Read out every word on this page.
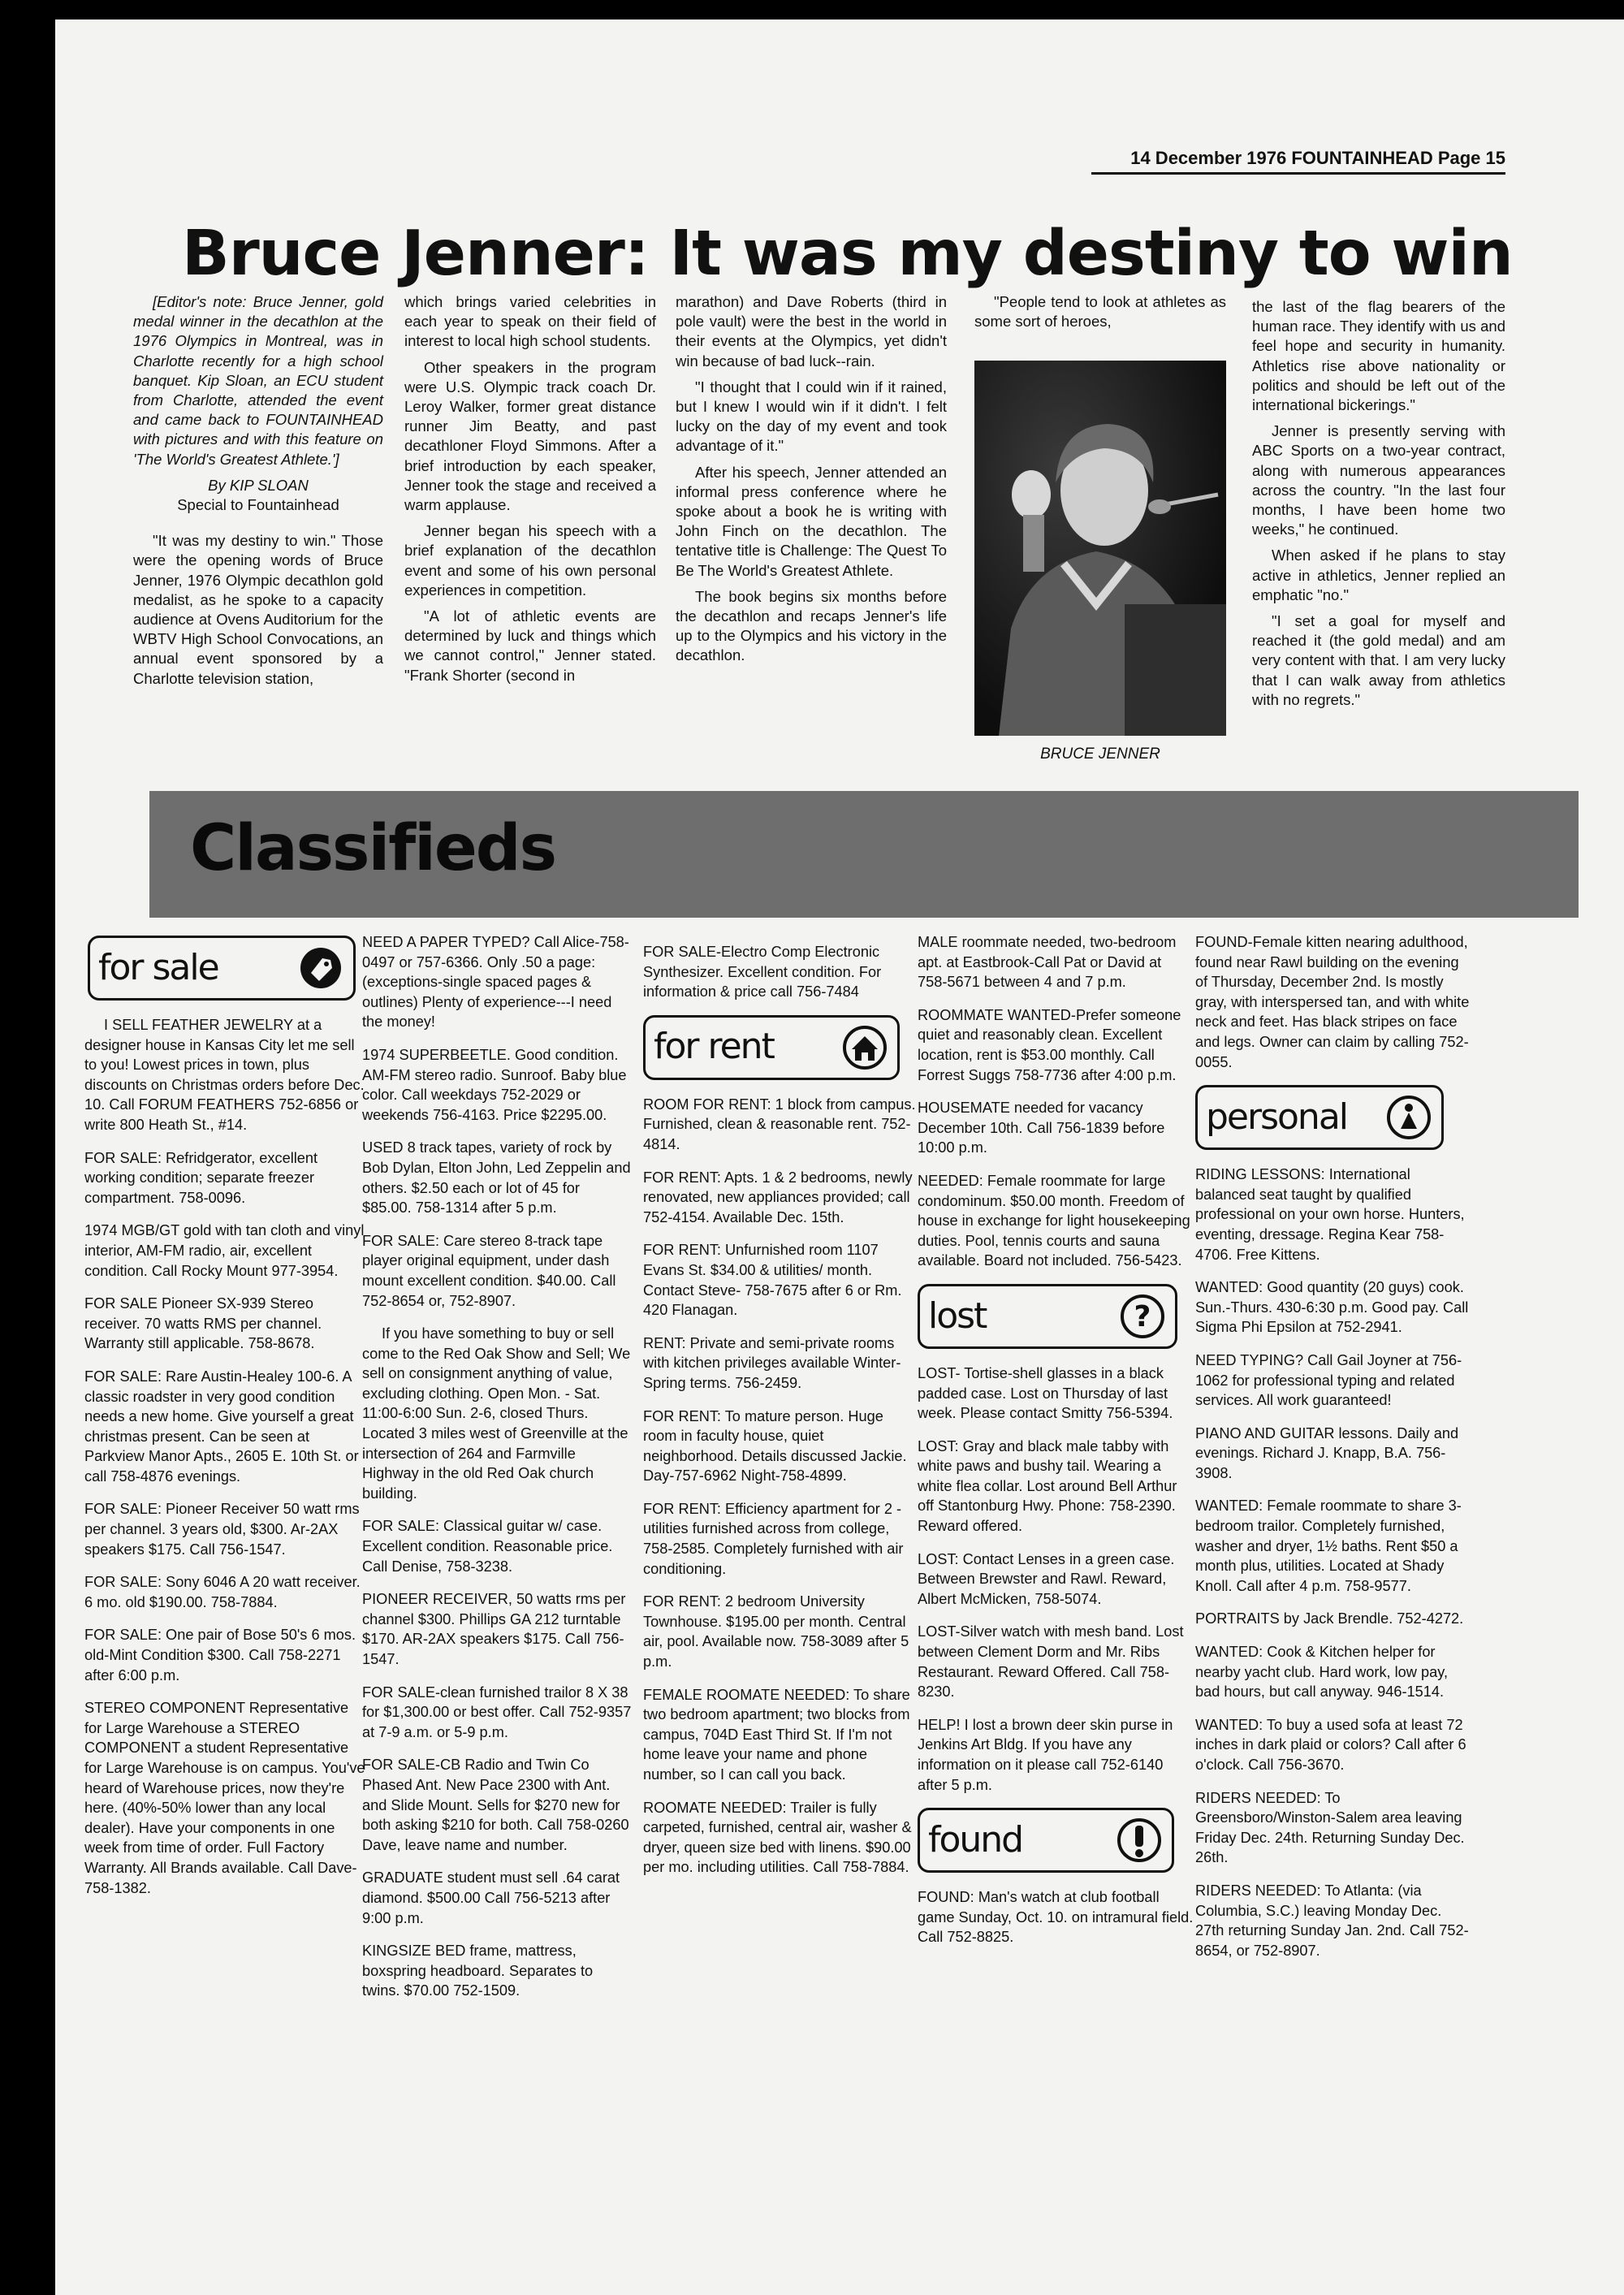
14 December 1976 FOUNTAINHEAD Page 15
Bruce Jenner: It was my destiny to win

[Editor's note: Bruce Jenner, gold medal winner in the decathlon at the 1976 Olympics in Montreal, was in Charlotte recently for a high school banquet. Kip Sloan, an ECU student from Charlotte, attended the event and came back to FOUNTAINHEAD with pictures and with this feature on 'The World's Greatest Athlete.']

By KIP SLOAN

Special to Fountainhead

"It was my destiny to win." Those were the opening words of Bruce Jenner, 1976 Olympic decathlon gold medalist, as he spoke to a capacity audience at Ovens Auditorium for the WBTV High School Convocations, an annual event sponsored by a Charlotte television station,

which brings varied celebrities in each year to speak on their field of interest to local high school students.

Other speakers in the program were U.S. Olympic track coach Dr. Leroy Walker, former great distance runner Jim Beatty, and past decathloner Floyd Simmons. After a brief introduction by each speaker, Jenner took the stage and received a warm applause.

Jenner began his speech with a brief explanation of the decathlon event and some of his own personal experiences in competition.

"A lot of athletic events are determined by luck and things which we cannot control," Jenner stated. "Frank Shorter (second in

marathon) and Dave Roberts (third in pole vault) were the best in the world in their events at the Olympics, yet didn't win because of bad luck--rain.

"I thought that I could win if it rained, but I knew I would win if it didn't. I felt lucky on the day of my event and took advantage of it."

After his speech, Jenner attended an informal press conference where he spoke about a book he is writing with John Finch on the decathlon. The tentative title is Challenge: The Quest To Be The World's Greatest Athlete.

The book begins six months before the decathlon and recaps Jenner's life up to the Olympics and his victory in the decathlon.

"People tend to look at athletes as some sort of heroes,

BRUCE JENNER

the last of the flag bearers of the human race. They identify with us and feel hope and security in humanity. Athletics rise above nationality or politics and should be left out of the international bickerings."

Jenner is presently serving with ABC Sports on a two-year contract, along with numerous appearances across the country. "In the last four months, I have been home two weeks," he continued.

When asked if he plans to stay active in athletics, Jenner replied an emphatic "no."

"I set a goal for myself and reached it (the gold medal) and am very content with that. I am very lucky that I can walk away from athletics with no regrets."

Classifieds
for sale
I SELL FEATHER JEWELRY at a designer house in Kansas City let me sell to you! Lowest prices in town, plus discounts on Christmas orders before Dec. 10. Call FORUM FEATHERS 752-6856 or write 800 Heath St., #14.
FOR SALE: Refridgerator, excellent working condition; separate freezer compartment. 758-0096.
1974 MGB/GT gold with tan cloth and vinyl interior, AM-FM radio, air, excellent condition. Call Rocky Mount 977-3954.
FOR SALE Pioneer SX-939 Stereo receiver. 70 watts RMS per channel. Warranty still applicable. 758-8678.
FOR SALE: Rare Austin-Healey 100-6. A classic roadster in very good condition needs a new home. Give yourself a great christmas present. Can be seen at Parkview Manor Apts., 2605 E. 10th St. or call 758-4876 evenings.
FOR SALE: Pioneer Receiver 50 watt rms per channel. 3 years old, $300. Ar-2AX speakers $175. Call 756-1547.
FOR SALE: Sony 6046 A 20 watt receiver. 6 mo. old $190.00. 758-7884.
FOR SALE: One pair of Bose 50's 6 mos. old-Mint Condition $300. Call 758-2271 after 6:00 p.m.
STEREO COMPONENT Representative for Large Warehouse a STEREO COMPONENT a student Representative for Large Warehouse is on campus. You've heard of Warehouse prices, now they're here. (40%-50% lower than any local dealer). Have your components in one week from time of order. Full Factory Warranty. All Brands available. Call Dave- 758-1382.
NEED A PAPER TYPED? Call Alice-758-0497 or 757-6366. Only .50 a page: (exceptions-single spaced pages & outlines) Plenty of experience---I need the money!
1974 SUPERBEETLE. Good condition. AM-FM stereo radio. Sunroof. Baby blue color. Call weekdays 752-2029 or weekends 756-4163. Price $2295.00.
USED 8 track tapes, variety of rock by Bob Dylan, Elton John, Led Zeppelin and others. $2.50 each or lot of 45 for $85.00. 758-1314 after 5 p.m.
FOR SALE: Care stereo 8-track tape player original equipment, under dash mount excellent condition. $40.00. Call 752-8654 or, 752-8907.
If you have something to buy or sell come to the Red Oak Show and Sell; We sell on consignment anything of value, excluding clothing. Open Mon. - Sat. 11:00-6:00 Sun. 2-6, closed Thurs. Located 3 miles west of Greenville at the intersection of 264 and Farmville Highway in the old Red Oak church building.
FOR SALE: Classical guitar w/ case. Excellent condition. Reasonable price. Call Denise, 758-3238.
PIONEER RECEIVER, 50 watts rms per channel $300. Phillips GA 212 turntable $170. AR-2AX speakers $175. Call 756-1547.
FOR SALE-clean furnished trailor 8 X 38 for $1,300.00 or best offer. Call 752-9357 at 7-9 a.m. or 5-9 p.m.
FOR SALE-CB Radio and Twin Co Phased Ant. New Pace 2300 with Ant. and Slide Mount. Sells for $270 new for both asking $210 for both. Call 758-0260 Dave, leave name and number.
GRADUATE student must sell .64 carat diamond. $500.00 Call 756-5213 after 9:00 p.m.
KINGSIZE BED frame, mattress, boxspring headboard. Separates to twins. $70.00 752-1509.
FOR SALE-Electro Comp Electronic Synthesizer. Excellent condition. For information & price call 756-7484
for rent
ROOM FOR RENT: 1 block from campus. Furnished, clean & reasonable rent. 752-4814.
FOR RENT: Apts. 1 & 2 bedrooms, newly renovated, new appliances provided; call 752-4154. Available Dec. 15th.
FOR RENT: Unfurnished room 1107 Evans St. $34.00 & utilities/ month. Contact Steve- 758-7675 after 6 or Rm. 420 Flanagan.
RENT: Private and semi-private rooms with kitchen privileges available Winter-Spring terms. 756-2459.
FOR RENT: To mature person. Huge room in faculty house, quiet neighborhood. Details discussed Jackie. Day-757-6962 Night-758-4899.
FOR RENT: Efficiency apartment for 2 - utilities furnished across from college, 758-2585. Completely furnished with air conditioning.
FOR RENT: 2 bedroom University Townhouse. $195.00 per month. Central air, pool. Available now. 758-3089 after 5 p.m.
FEMALE ROOMATE NEEDED: To share two bedroom apartment; two blocks from campus, 704D East Third St. If I'm not home leave your name and phone number, so I can call you back.
ROOMATE NEEDED: Trailer is fully carpeted, furnished, central air, washer & dryer, queen size bed with linens. $90.00 per mo. including utilities. Call 758-7884.
MALE roommate needed, two-bedroom apt. at Eastbrook-Call Pat or David at 758-5671 between 4 and 7 p.m.
ROOMMATE WANTED-Prefer someone quiet and reasonably clean. Excellent location, rent is $53.00 monthly. Call Forrest Suggs 758-7736 after 4:00 p.m.
HOUSEMATE needed for vacancy December 10th. Call 756-1839 before 10:00 p.m.
NEEDED: Female roommate for large condominum. $50.00 month. Freedom of house in exchange for light housekeeping duties. Pool, tennis courts and sauna available. Board not included. 756-5423.
lost	?
LOST- Tortise-shell glasses in a black padded case. Lost on Thursday of last week. Please contact Smitty 756-5394.
LOST: Gray and black male tabby with white paws and bushy tail. Wearing a white flea collar. Lost around Bell Arthur off Stantonburg Hwy. Phone: 758-2390. Reward offered.
LOST: Contact Lenses in a green case. Between Brewster and Rawl. Reward, Albert McMicken, 758-5074.
LOST-Silver watch with mesh band. Lost between Clement Dorm and Mr. Ribs Restaurant. Reward Offered. Call 758-8230.
HELP! I lost a brown deer skin purse in Jenkins Art Bldg. If you have any information on it please call 752-6140 after 5 p.m.
found
FOUND: Man's watch at club football game Sunday, Oct. 10. on intramural field. Call 752-8825.
FOUND-Female kitten nearing adulthood, found near Rawl building on the evening of Thursday, December 2nd. Is mostly gray, with interspersed tan, and with white neck and feet. Has black stripes on face and legs. Owner can claim by calling 752-0055.
personal
RIDING LESSONS: International balanced seat taught by qualified professional on your own horse. Hunters, eventing, dressage. Regina Kear 758-4706. Free Kittens.
WANTED: Good quantity (20 guys) cook. Sun.-Thurs. 430-6:30 p.m. Good pay. Call Sigma Phi Epsilon at 752-2941.
NEED TYPING? Call Gail Joyner at 756-1062 for professional typing and related services. All work guaranteed!
PIANO AND GUITAR lessons. Daily and evenings. Richard J. Knapp, B.A. 756-3908.
WANTED: Female roommate to share 3-bedroom trailor. Completely furnished, washer and dryer, 1½ baths. Rent $50 a month plus, utilities. Located at Shady Knoll. Call after 4 p.m. 758-9577.
PORTRAITS by Jack Brendle. 752-4272.
WANTED: Cook & Kitchen helper for nearby yacht club. Hard work, low pay, bad hours, but call anyway. 946-1514.
WANTED: To buy a used sofa at least 72 inches in dark plaid or colors? Call after 6 o'clock. Call 756-3670.
RIDERS NEEDED: To Greensboro/Winston-Salem area leaving Friday Dec. 24th. Returning Sunday Dec. 26th.
RIDERS NEEDED: To Atlanta: (via Columbia, S.C.) leaving Monday Dec. 27th returning Sunday Jan. 2nd. Call 752-8654, or 752-8907.
